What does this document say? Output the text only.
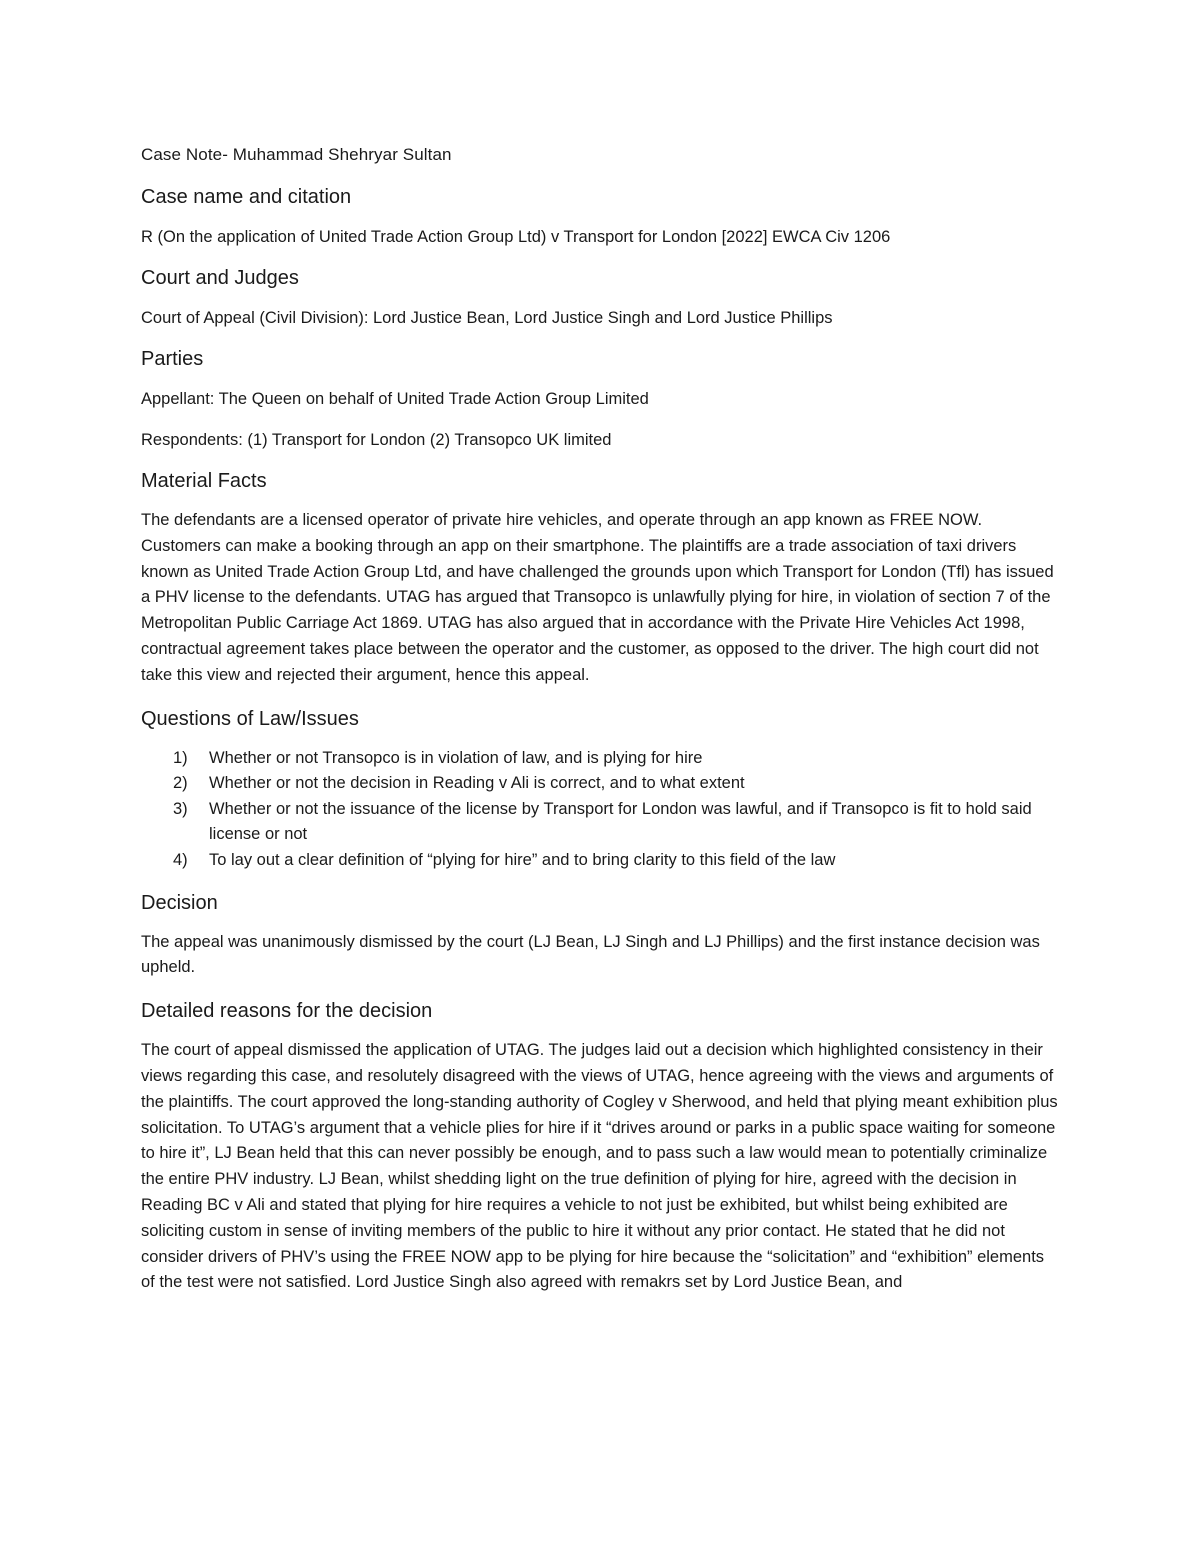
Case Note- Muhammad Shehryar Sultan

Case name and citation

R (On the application of United Trade Action Group Ltd) v Transport for London [2022] EWCA Civ 1206

Court and Judges

Court of Appeal (Civil Division): Lord Justice Bean, Lord Justice Singh and Lord Justice Phillips

Parties

Appellant: The Queen on behalf of United Trade Action Group Limited

Respondents: (1) Transport for London (2) Transopco UK limited

Material Facts

The defendants are a licensed operator of private hire vehicles, and operate through an app known as FREE NOW. Customers can make a booking through an app on their smartphone. The plaintiffs are a trade association of taxi drivers known as United Trade Action Group Ltd, and have challenged the grounds upon which Transport for London (Tfl) has issued a PHV license to the defendants. UTAG has argued that Transopco is unlawfully plying for hire, in violation of section 7 of the Metropolitan Public Carriage Act 1869. UTAG has also argued that in accordance with the Private Hire Vehicles Act 1998, contractual agreement takes place between the operator and the customer, as opposed to the driver. The high court did not take this view and rejected their argument, hence this appeal.

Questions of Law/Issues
1)	Whether or not Transopco is in violation of law, and is plying for hire
2)	Whether or not the decision in Reading v Ali is correct, and to what extent
3)	Whether or not the issuance of the license by Transport for London was lawful, and if Transopco is fit to hold said license or not
4)	To lay out a clear definition of “plying for hire” and to bring clarity to this field of the law
Decision

The appeal was unanimously dismissed by the court (LJ Bean, LJ Singh and LJ Phillips) and the first instance decision was upheld.

Detailed reasons for the decision

The court of appeal dismissed the application of UTAG. The judges laid out a decision which highlighted consistency in their views regarding this case, and resolutely disagreed with the views of UTAG, hence agreeing with the views and arguments of the plaintiffs. The court approved the long-standing authority of Cogley v Sherwood, and held that plying meant exhibition plus solicitation. To UTAG’s argument that a vehicle plies for hire if it “drives around or parks in a public space waiting for someone to hire it”, LJ Bean held that this can never possibly be enough, and to pass such a law would mean to potentially criminalize the entire PHV industry. LJ Bean, whilst shedding light on the true definition of plying for hire, agreed with the decision in Reading BC v Ali and stated that plying for hire requires a vehicle to not just be exhibited, but whilst being exhibited are soliciting custom in sense of inviting members of the public to hire it without any prior contact. He stated that he did not consider drivers of PHV’s using the FREE NOW app to be plying for hire because the “solicitation” and “exhibition” elements of the test were not satisfied. Lord Justice Singh also agreed with remakrs set by Lord Justice Bean, and
